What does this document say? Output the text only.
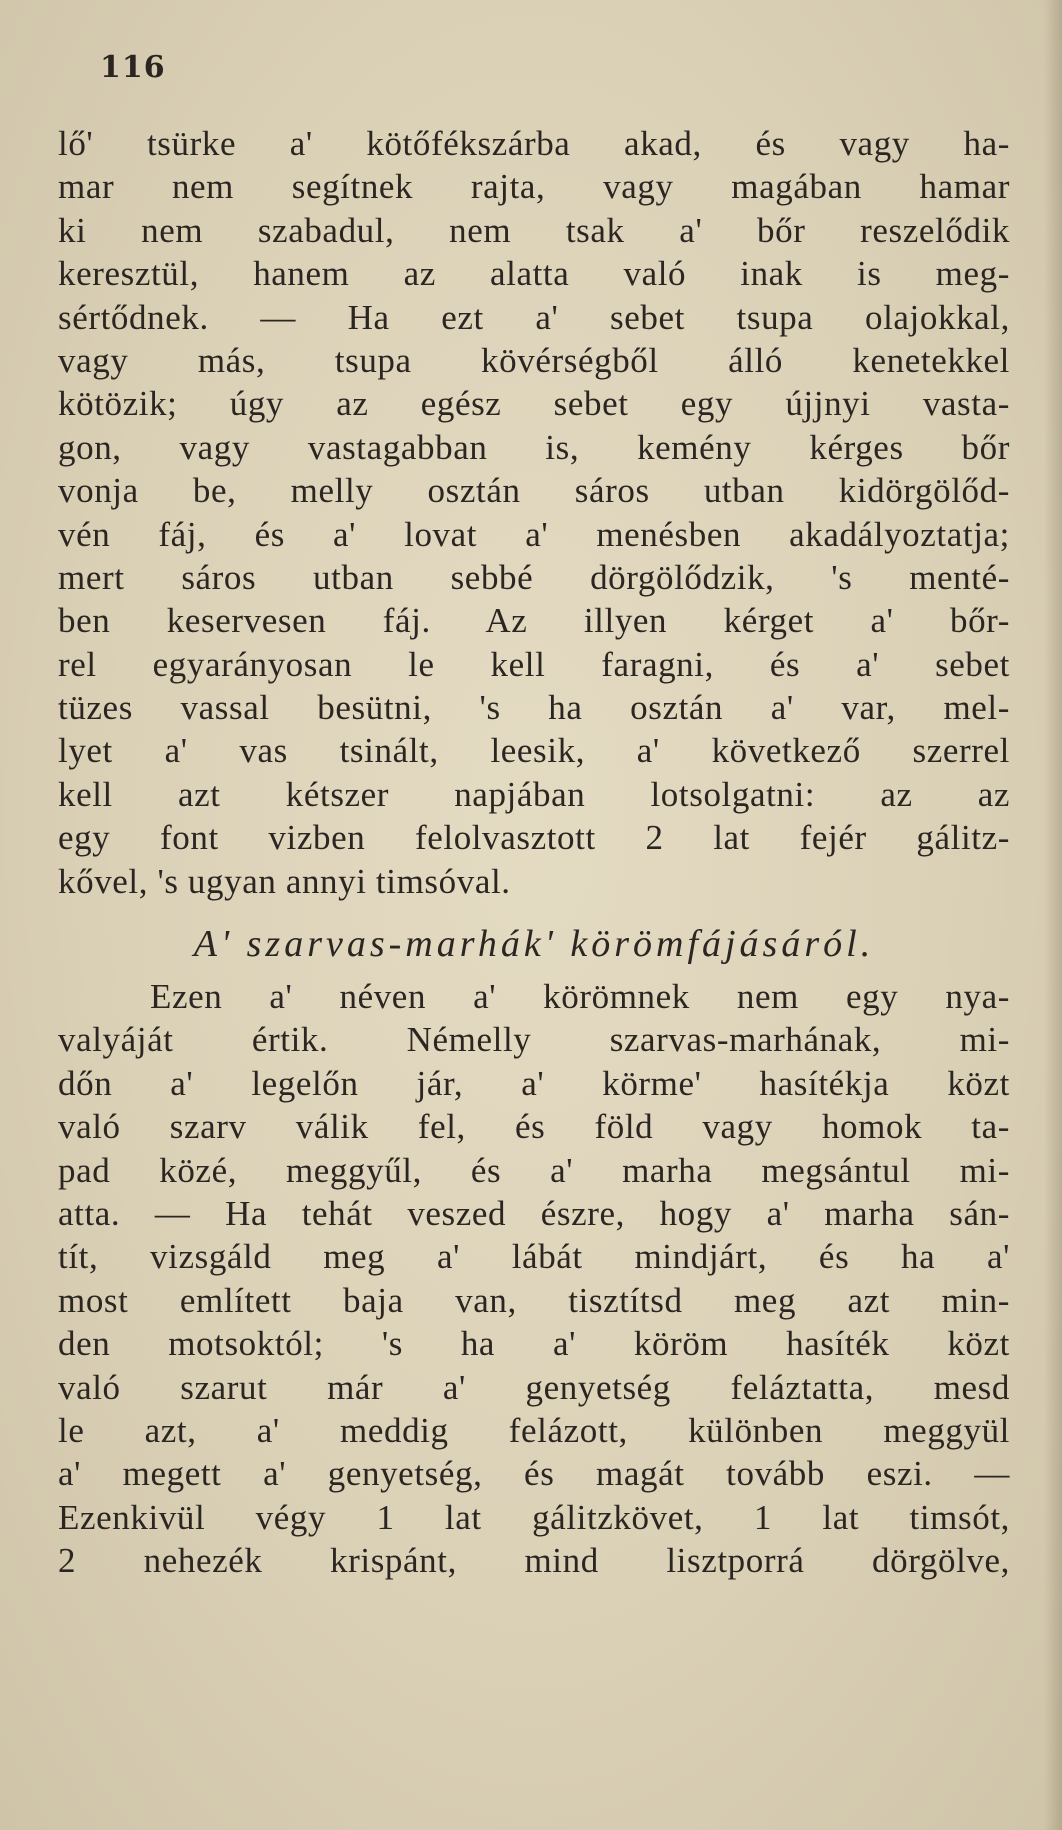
116
lő' tsürke a' kötőfékszárba akad, és vagy ha-
mar nem segítnek rajta, vagy magában hamar
ki nem szabadul, nem tsak a' bőr reszelődik
keresztül, hanem az alatta való inak is meg-
sértődnek. — Ha ezt a' sebet tsupa olajokkal,
vagy más, tsupa kövérségből álló kenetekkel
kötözik; úgy az egész sebet egy újjnyi vasta-
gon, vagy vastagabban is, kemény kérges bőr
vonja be, melly osztán sáros utban kidörgölőd-
vén fáj, és a' lovat a' menésben akadályoztatja;
mert sáros utban sebbé dörgölődzik, 's menté-
ben keservesen fáj. Az illyen kérget a' bőr-
rel egyarányosan le kell faragni, és a' sebet
tüzes vassal besütni, 's ha osztán a' var, mel-
lyet a' vas tsinált, leesik, a' következő szerrel
kell azt kétszer napjában lotsolgatni: az az
egy font vizben felolvasztott 2 lat fejér gálitz-
kővel, 's ugyan annyi timsóval.
A' szarvas-marhák' körömfájásáról.
Ezen a' néven a' körömnek nem egy nya-
valyáját értik. Némelly szarvas-marhának, mi-
dőn a' legelőn jár, a' körme' hasítékja közt
való szarv válik fel, és föld vagy homok ta-
pad közé, meggyűl, és a' marha megsántul mi-
atta. — Ha tehát veszed észre, hogy a' marha sán-
tít, vizsgáld meg a' lábát mindjárt, és ha a'
most említett baja van, tisztítsd meg azt min-
den motsoktól; 's ha a' köröm hasíték közt
való szarut már a' genyetség feláztatta, mesd
le azt, a' meddig felázott, különben meggyül
a' megett a' genyetség, és magát tovább eszi. —
Ezenkivül végy 1 lat gálitzkövet, 1 lat timsót,
2 nehezék krispánt, mind lisztporrá dörgölve,
